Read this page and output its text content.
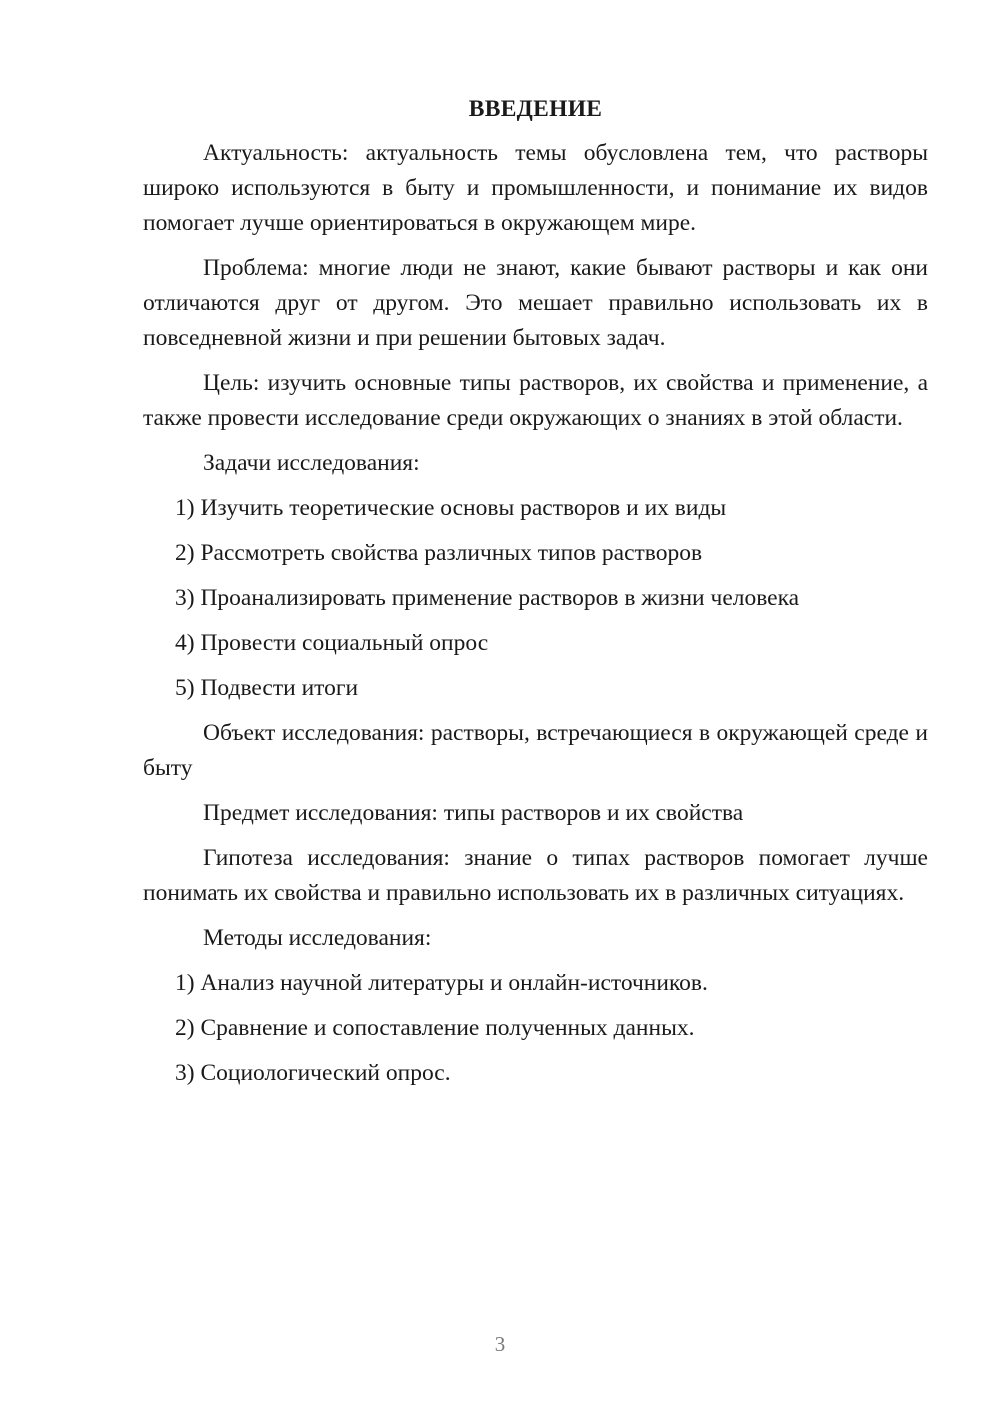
ВВЕДЕНИЕ
Актуальность: актуальность темы обусловлена тем, что растворы широко используются в быту и промышленности, и понимание их видов помогает лучше ориентироваться в окружающем мире.
Проблема: многие люди не знают, какие бывают растворы и как они отличаются друг от другом. Это мешает правильно использовать их в повседневной жизни и при решении бытовых задач.
Цель: изучить основные типы растворов, их свойства и применение, а также провести исследование среди окружающих о знаниях в этой области.
Задачи исследования:
1) Изучить теоретические основы растворов и их виды
2) Рассмотреть свойства различных типов растворов
3) Проанализировать применение растворов в жизни человека
4) Провести социальный опрос
5) Подвести итоги
Объект исследования: растворы, встречающиеся в окружающей среде и быту
Предмет исследования: типы растворов и их свойства
Гипотеза исследования: знание о типах растворов помогает лучше понимать их свойства и правильно использовать их в различных ситуациях.
Методы исследования:
1) Анализ научной литературы и онлайн-источников.
2) Сравнение и сопоставление полученных данных.
3) Социологический опрос.
3
